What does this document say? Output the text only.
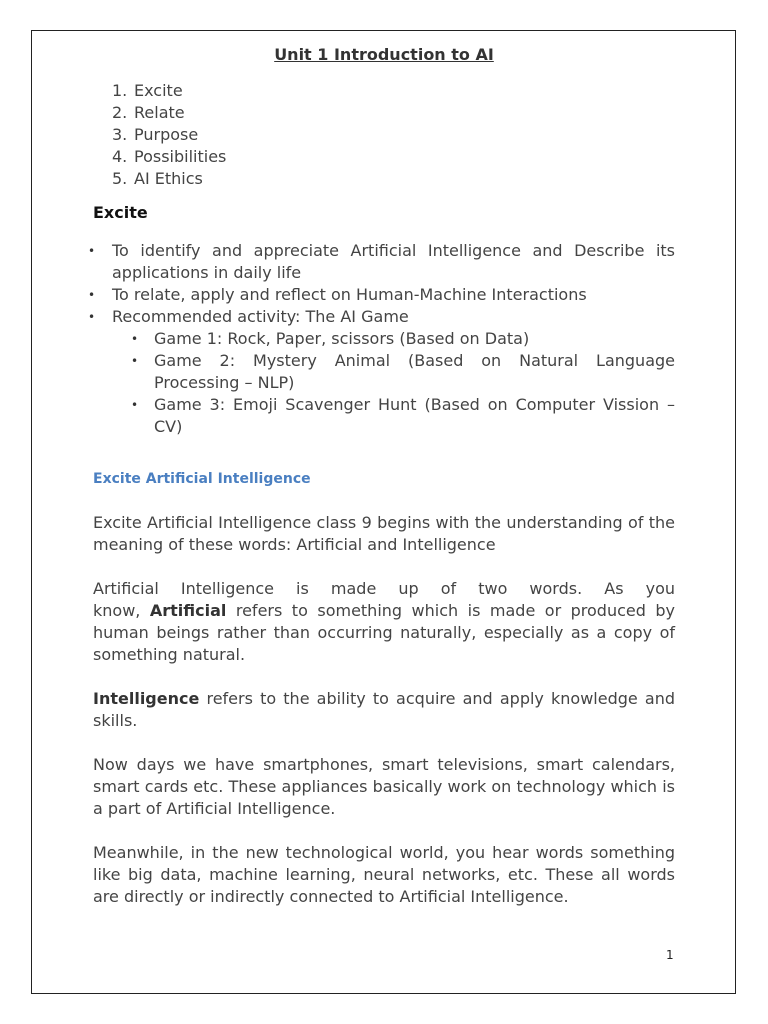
Unit 1 Introduction to AI
1. Excite
2. Relate
3. Purpose
4. Possibilities
5. AI Ethics
Excite
• To identify and appreciate Artificial Intelligence and Describe its applications in daily life
• To relate, apply and reflect on Human-Machine Interactions
• Recommended activity: The AI Game
• Game 1: Rock, Paper, scissors (Based on Data)
• Game 2: Mystery Animal (Based on Natural Language Processing – NLP)
• Game 3: Emoji Scavenger Hunt (Based on Computer Vission – CV)
Excite Artificial Intelligence

Excite Artificial Intelligence class 9 begins with the understanding of the meaning of these words: Artificial and Intelligence

Artificial Intelligence is made up of two words. As you
know, Artificial refers to something which is made or produced by human beings rather than occurring naturally, especially as a copy of something natural.

Intelligence refers to the ability to acquire and apply knowledge and skills.

Now days we have smartphones, smart televisions, smart calendars, smart cards etc. These appliances basically work on technology which is a part of Artificial Intelligence.

Meanwhile, in the new technological world, you hear words something like big data, machine learning, neural networks, etc. These all words are directly or indirectly connected to Artificial Intelligence.

1
